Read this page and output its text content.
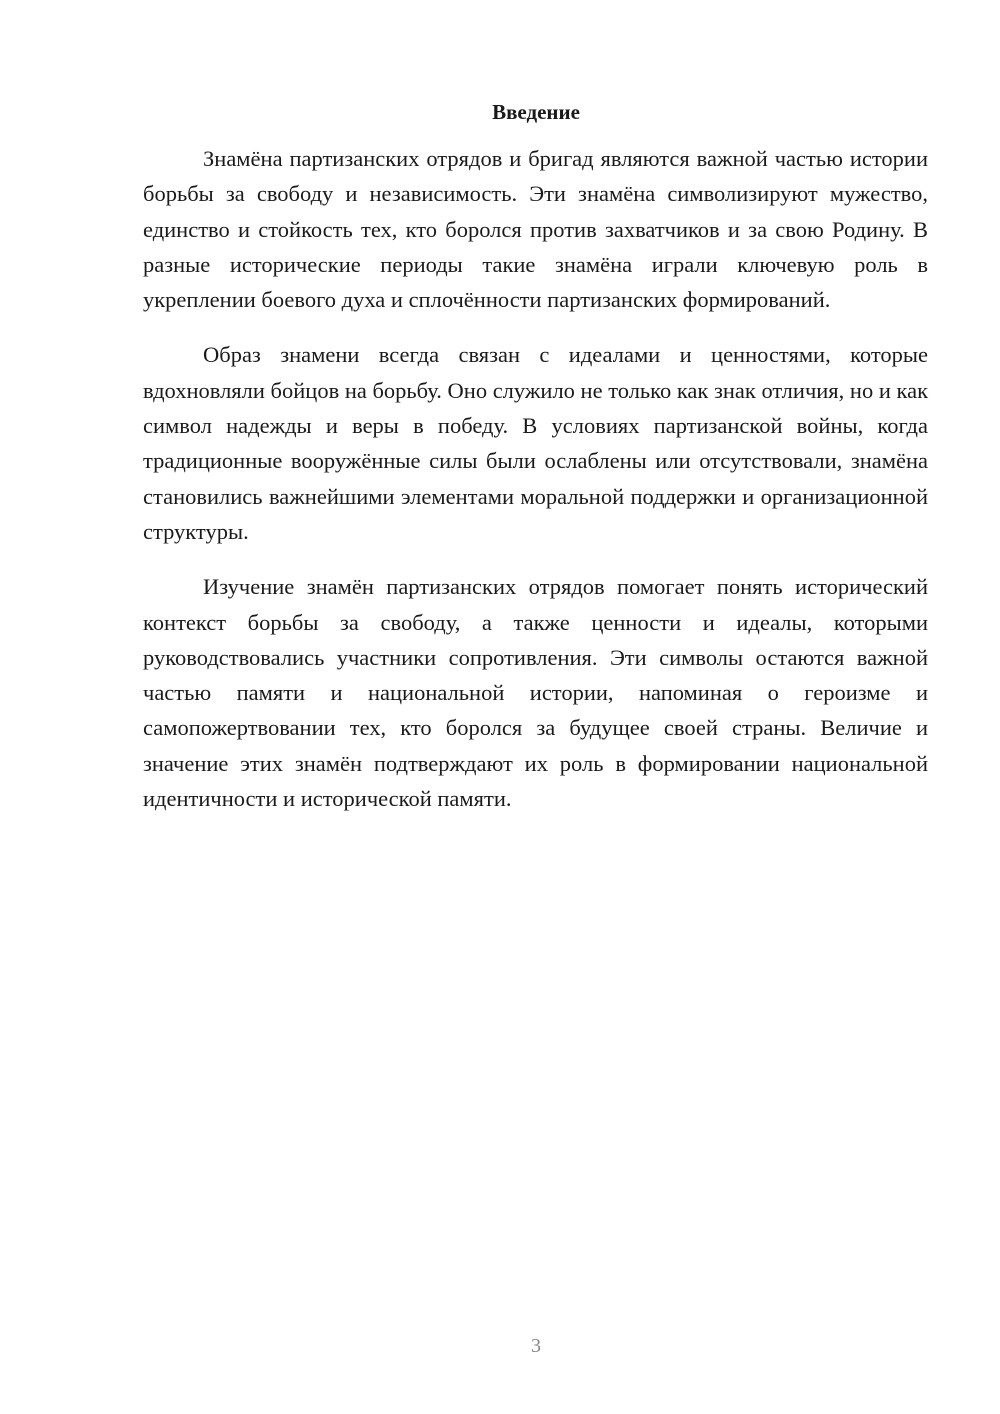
Введение

Знамёна партизанских отрядов и бригад являются важной частью истории борьбы за свободу и независимость. Эти знамёна символизируют мужество, единство и стойкость тех, кто боролся против захватчиков и за свою Родину. В разные исторические периоды такие знамёна играли ключевую роль в укреплении боевого духа и сплочённости партизанских формирований.

Образ знамени всегда связан с идеалами и ценностями, которые вдохновляли бойцов на борьбу. Оно служило не только как знак отличия, но и как символ надежды и веры в победу. В условиях партизанской войны, когда традиционные вооружённые силы были ослаблены или отсутствовали, знамёна становились важнейшими элементами моральной поддержки и организационной структуры.

Изучение знамён партизанских отрядов помогает понять исторический контекст борьбы за свободу, а также ценности и идеалы, которыми руководствовались участники сопротивления. Эти символы остаются важной частью памяти и национальной истории, напоминая о героизме и самопожертвовании тех, кто боролся за будущее своей страны. Величие и значение этих знамён подтверждают их роль в формировании национальной идентичности и исторической памяти.

3
